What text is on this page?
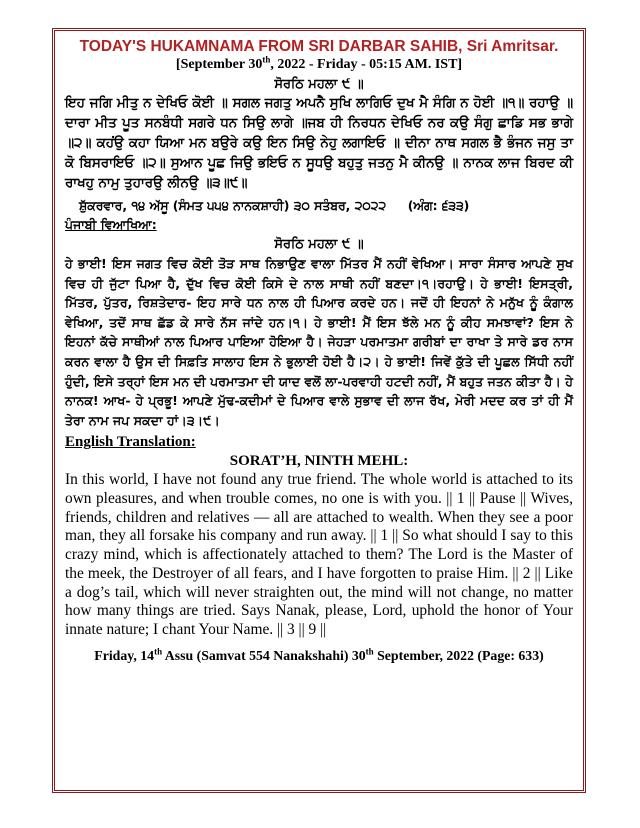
TODAY'S HUKAMNAMA FROM SRI DARBAR SAHIB, Sri Amritsar.
[September 30th, 2022 - Friday - 05:15 AM. IST]
ਸੋਰਠਿ ਮਹਲਾ ੯ ॥
ਇਹ ਜਗਿ ਮੀਤੁ ਨ ਦੇਖਿਓ ਕੋਈ ॥ ਸਗਲ ਜਗਤੁ ਅਪਨੈ ਸੁਖਿ ਲਾਗਿਓ ਦੁਖ ਮੈ ਸੰਗਿ ਨ ਹੋਈ ॥੧॥ ਰਹਾਉ ॥ ਦਾਰਾ ਮੀਤ ਪੂਤ ਸਨਬੰਧੀ ਸਗਰੇ ਧਨ ਸਿਉ ਲਾਗੇ ॥ਜਬ ਹੀ ਨਿਰਧਨ ਦੇਖਿਓ ਨਰ ਕਉ ਸੰਗੁ ਛਾਡਿ ਸਭ ਭਾਗੇ ॥੨॥ ਕਹਂਉ ਕਹਾ ਯਿਆ ਮਨ ਬਉਰੇ ਕਉ ਇਨ ਸਿਉ ਨੇਹੁ ਲਗਾਇਓ ॥ ਦੀਨਾ ਨਾਥ ਸਗਲ ਭੈ ਭੰਜਨ ਜਸੁ ਤਾ ਕੋ ਬਿਸਰਾਇਓ ॥੨॥ ਸੁਆਨ ਪੂਛ ਜਿਉ ਭਇਓ ਨ ਸੂਧਉ ਬਹੁਤੁ ਜਤਨੁ ਮੈ ਕੀਨਉ ॥ ਨਾਨਕ ਲਾਜ ਬਿਰਦ ਕੀ ਰਾਖਹੁ ਨਾਮੁ ਤੁਹਾਰਉ ਲੀਨਉ ॥੩॥੯॥
ਸ਼ੁੱਕਰਵਾਰ, ੧੪ ਅੱਸੂ (ਸੰਮਤ ੫੫੪ ਨਾਨਕਸ਼ਾਹੀ) ੩੦ ਸਤੰਬਰ, ੨੦੨੨ (ਅੰਗ: ੬੩੩)
ਪੰਜਾਬੀ ਵਿਆਖਿਆ:
ਸੋਰਠਿ ਮਹਲਾ ੯ ॥
ਹੇ ਭਾਈ! ਇਸ ਜਗਤ ਵਿਚ ਕੋਈ ਤੋੜ ਸਾਥ ਨਿਭਾਉਣ ਵਾਲਾ ਮਿੱਤਰ ਮੈਂ ਨਹੀਂ ਵੇਖਿਆ। ਸਾਰਾ ਸੰਸਾਰ ਆਪਣੇ ਸੁਖ ਵਿਚ ਹੀ ਜੁੱਟਾ ਪਿਆ ਹੈ, ਦੁੱਖ ਵਿਚ ਕੋਈ ਕਿਸੇ ਦੇ ਨਾਲ ਸਾਥੀ ਨਹੀਂ ਬਣਦਾ।੧।ਰਹਾਉ। ਹੇ ਭਾਈ! ਇਸਤ੍ਰੀ, ਮਿੱਤਰ, ਪੁੱਤਰ, ਰਿਸ਼ਤੇਦਾਰ- ਇਹ ਸਾਰੇ ਧਨ ਨਾਲ ਹੀ ਪਿਆਰ ਕਰਦੇ ਹਨ। ਜਦੋਂ ਹੀ ਇਹਨਾਂ ਨੇ ਮਨੁੱਖ ਨੂੰ ਕੰਗਾਲ ਵੇਖਿਆ, ਤਦੋਂ ਸਾਥ ਛੱਡ ਕੇ ਸਾਰੇ ਨੱਸ ਜਾਂਦੇ ਹਨ।੧। ਹੇ ਭਾਈ! ਮੈਂ ਇਸ ਝੱਲੇ ਮਨ ਨੂੰ ਕੀਹ ਸਮਝਾਵਾਂ? ਇਸ ਨੇ ਇਹਨਾਂ ਕੱਚੇ ਸਾਥੀਆਂ ਨਾਲ ਪਿਆਰ ਪਾਇਆ ਹੋਇਆ ਹੈ। ਜੇਹੜਾ ਪਰਮਾਤਮਾ ਗਰੀਬਾਂ ਦਾ ਰਾਖਾ ਤੇ ਸਾਰੇ ਡਰ ਨਾਸ ਕਰਨ ਵਾਲਾ ਹੈ ਉਸ ਦੀ ਸਿਫ਼ਤਿ ਸਾਲਾਹ ਇਸ ਨੇ ਭੁਲਾਈ ਹੋਈ ਹੈ।੨। ਹੇ ਭਾਈ! ਜਿਵੇਂ ਕੁੱਤੇ ਦੀ ਪੂਛਲ ਸਿੱਧੀ ਨਹੀਂ ਹੁੰਦੀ, ਇਸੇ ਤਰ੍ਹਾਂ ਇਸ ਮਨ ਦੀ ਪਰਮਾਤਮਾ ਦੀ ਯਾਦ ਵਲੋਂ ਲਾ-ਪਰਵਾਹੀ ਹਟਦੀ ਨਹੀਂ, ਮੈਂ ਬਹੁਤ ਜਤਨ ਕੀਤਾ ਹੈ। ਹੇ ਨਾਨਕ! ਆਖ- ਹੇ ਪ੍ਰਭੂ! ਆਪਣੇ ਮੁੱਢ-ਕਦੀਮਾਂ ਦੇ ਪਿਆਰ ਵਾਲੇ ਸੁਭਾਵ ਦੀ ਲਾਜ ਰੱਖ, ਮੇਰੀ ਮਦਦ ਕਰ ਤਾਂ ਹੀ ਮੈਂ ਤੇਰਾ ਨਾਮ ਜਪ ਸਕਦਾ ਹਾਂ।੩।੯।
English Translation:
SORAT’H, NINTH MEHL:
In this world, I have not found any true friend. The whole world is attached to its own pleasures, and when trouble comes, no one is with you. || 1 || Pause || Wives, friends, children and relatives — all are attached to wealth. When they see a poor man, they all forsake his company and run away. || 1 || So what should I say to this crazy mind, which is affectionately attached to them? The Lord is the Master of the meek, the Destroyer of all fears, and I have forgotten to praise Him. || 2 || Like a dog’s tail, which will never straighten out, the mind will not change, no matter how many things are tried. Says Nanak, please, Lord, uphold the honor of Your innate nature; I chant Your Name. || 3 || 9 ||
Friday, 14th Assu (Samvat 554 Nanakshahi) 30th September, 2022 (Page: 633)
